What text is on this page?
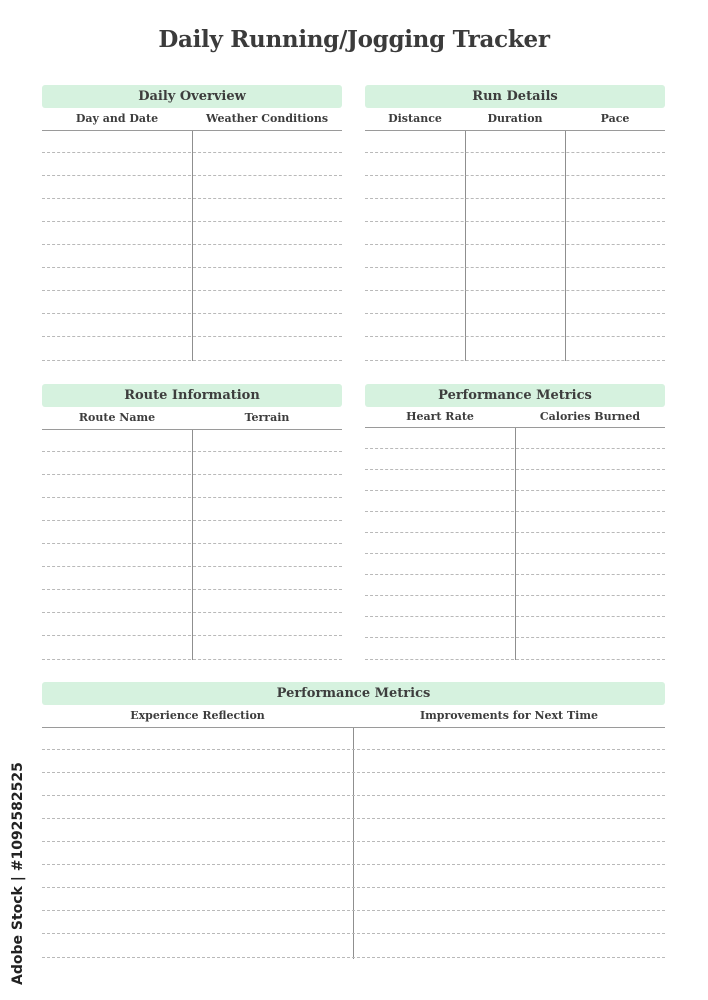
Daily Running/Jogging Tracker
Daily Overview
Day and Date	Weather Conditions
Run Details
Distance	Duration	Pace
Route Information
Route Name	Terrain
Performance Metrics
Heart Rate	Calories Burned
Performance Metrics
Experience Reflection	Improvements for Next Time
Adobe Stock | #1092582525
